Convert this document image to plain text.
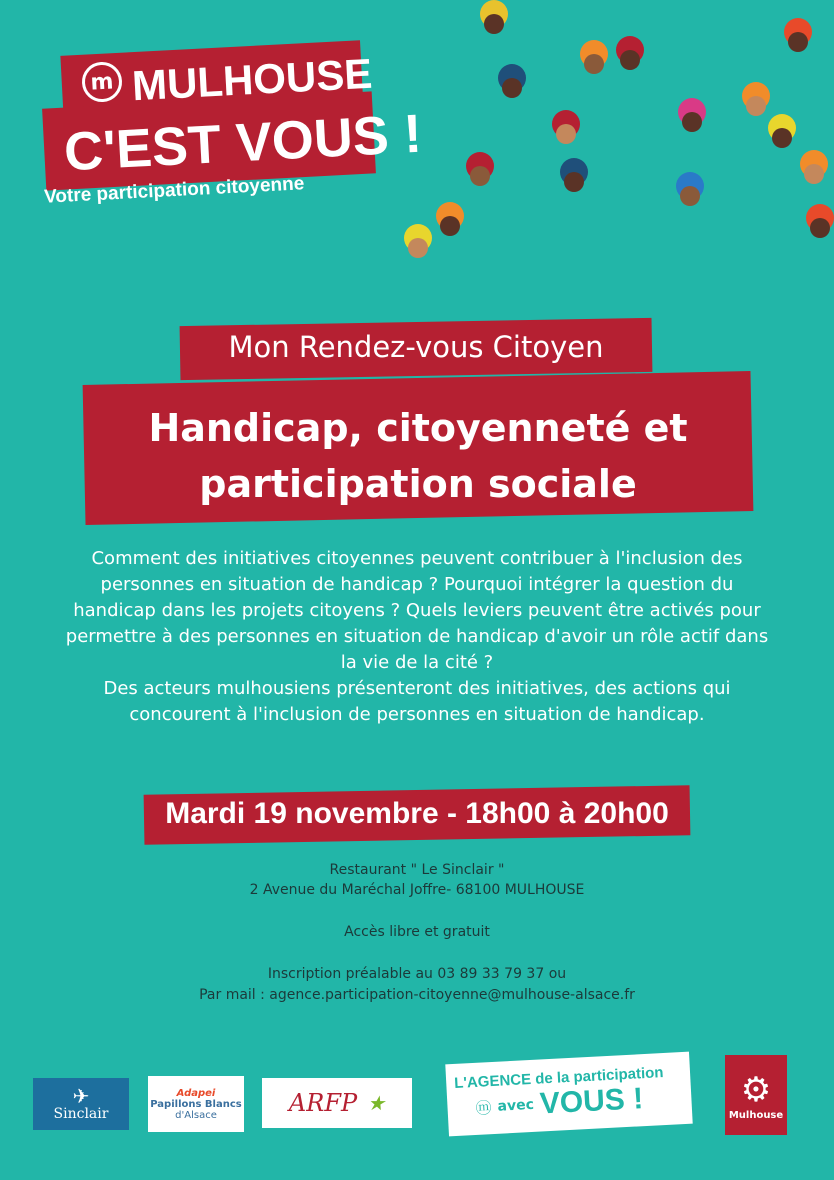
m MULHOUSE
C'EST VOUS !
Votre participation citoyenne
Mon Rendez-vous Citoyen
Handicap, citoyenneté et
participation sociale
Comment des initiatives citoyennes peuvent contribuer à l'inclusion des
personnes en situation de handicap ? Pourquoi intégrer la question du
handicap dans les projets citoyens ? Quels leviers peuvent être activés pour
permettre à des personnes en situation de handicap d'avoir un rôle actif dans
la vie de la cité ?
Des acteurs mulhousiens présenteront des initiatives, des actions qui
concourent à l'inclusion de personnes en situation de handicap.
Mardi 19 novembre - 18h00 à 20h00
Restaurant " Le Sinclair "
2 Avenue du Maréchal Joffre- 68100 MULHOUSE
Accès libre et gratuit
Inscription préalable au 03 89 33 79 37 ou
Par mail : agence.participation-citoyenne@mulhouse-alsace.fr
✈
Sinclair
Adapei
Papillons Blancs
d'Alsace	ARFP ★
L'AGENCE de la participation
ⓜ avec VOUS !	⚙
Mulhouse
